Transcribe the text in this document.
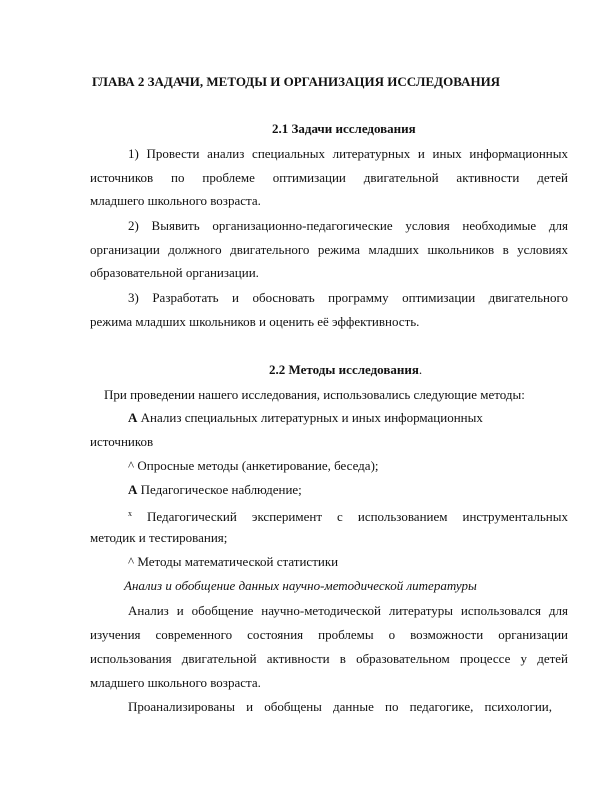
ГЛАВА 2 ЗАДАЧИ, МЕТОДЫ И ОРГАНИЗАЦИЯ ИССЛЕДОВАНИЯ
2.1 Задачи исследования
1) Провести анализ специальных литературных и иных информационных
источников по проблеме оптимизации двигательной активности детей
младшего школьного возраста.
2) Выявить организационно-педагогические условия необходимые для
организации должного двигательного режима младших школьников в условиях
образовательной организации.
3) Разработать и обосновать программу оптимизации двигательного
режима младших школьников и оценить её эффективность.
2.2 Методы исследования.
При проведении нашего исследования, использовались следующие методы:
А Анализ специальных литературных и иных информационных
источников
^ Опросные методы (анкетирование, беседа);
А Педагогическое наблюдение;
$^x$ Педагогический эксперимент с использованием инструментальных
методик и тестирования;
^ Методы математической статистики
Анализ и обобщение данных научно-методической литературы
Анализ и обобщение научно-методической литературы использовался для
изучения современного состояния проблемы о возможности организации
использования двигательной активности в образовательном процессе у детей
младшего школьного возраста.
Проанализированы и обобщены данные по педагогике, психологии,
